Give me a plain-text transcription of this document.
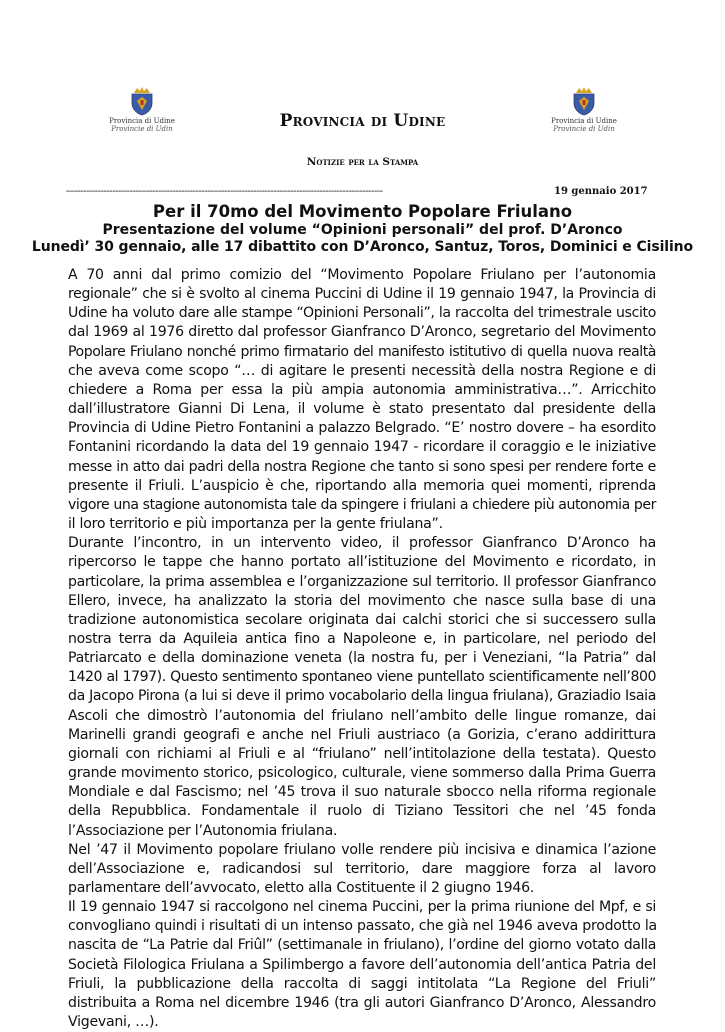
Provincia di Udine
Provincie di Udin
Provincia di Udine
Provincie di Udin
Provincia di Udine
Notizie per la Stampa
--------------------------------------------------------------------------------------------------------------	19 gennaio 2017
Per il 70mo del Movimento Popolare Friulano
Presentazione del volume “Opinioni personali” del prof. D’Aronco
Lunedì’ 30 gennaio, alle 17 dibattito con D’Aronco, Santuz, Toros, Dominici e Cisilino

A 70 anni dal primo comizio del “Movimento Popolare Friulano per l’autonomia
regionale” che si è svolto al cinema Puccini di Udine il 19 gennaio 1947, la Provincia di
Udine ha voluto dare alle stampe “Opinioni Personali”, la raccolta del trimestrale uscito
dal 1969 al 1976 diretto dal professor Gianfranco D’Aronco, segretario del Movimento
Popolare Friulano nonché primo firmatario del manifesto istitutivo di quella nuova realtà
che aveva come scopo “… di agitare le presenti necessità della nostra Regione e di
chiedere a Roma per essa la più ampia autonomia amministrativa…”. Arricchito
dall’illustratore Gianni Di Lena, il volume è stato presentato dal presidente della
Provincia di Udine Pietro Fontanini a palazzo Belgrado. “E’ nostro dovere – ha esordito
Fontanini ricordando la data del 19 gennaio 1947 - ricordare il coraggio e le iniziative
messe in atto dai padri della nostra Regione che tanto si sono spesi per rendere forte e
presente il Friuli. L’auspicio è che, riportando alla memoria quei momenti, riprenda
vigore una stagione autonomista tale da spingere i friulani a chiedere più autonomia per
il loro territorio e più importanza per la gente friulana”.

Durante l’incontro, in un intervento video, il professor Gianfranco D’Aronco ha
ripercorso le tappe che hanno portato all’istituzione del Movimento e ricordato, in
particolare, la prima assemblea e l’organizzazione sul territorio. Il professor Gianfranco
Ellero, invece, ha analizzato la storia del movimento che nasce sulla base di una
tradizione autonomistica secolare originata dai calchi storici che si successero sulla
nostra terra da Aquileia antica fino a Napoleone e, in particolare, nel periodo del
Patriarcato e della dominazione veneta (la nostra fu, per i Veneziani, “la Patria” dal
1420 al 1797). Questo sentimento spontaneo viene puntellato scientificamente nell’800
da Jacopo Pirona (a lui si deve il primo vocabolario della lingua friulana), Graziadio Isaia
Ascoli che dimostrò l’autonomia del friulano nell’ambito delle lingue romanze, dai
Marinelli grandi geografi e anche nel Friuli austriaco (a Gorizia, c’erano addirittura
giornali con richiami al Friuli e al “friulano” nell’intitolazione della testata). Questo
grande movimento storico, psicologico, culturale, viene sommerso dalla Prima Guerra
Mondiale e dal Fascismo; nel ’45 trova il suo naturale sbocco nella riforma regionale
della Repubblica. Fondamentale il ruolo di Tiziano Tessitori che nel ’45 fonda
l’Associazione per l’Autonomia friulana.

Nel ’47 il Movimento popolare friulano volle rendere più incisiva e dinamica l’azione
dell’Associazione e, radicandosi sul territorio, dare maggiore forza al lavoro
parlamentare dell’avvocato, eletto alla Costituente il 2 giugno 1946.

Il 19 gennaio 1947 si raccolgono nel cinema Puccini, per la prima riunione del Mpf, e si
convogliano quindi i risultati di un intenso passato, che già nel 1946 aveva prodotto la
nascita de “La Patrie dal Friûl” (settimanale in friulano), l’ordine del giorno votato dalla
Società Filologica Friulana a Spilimbergo a favore dell’autonomia dell’antica Patria del
Friuli, la pubblicazione della raccolta di saggi intitolata “La Regione del Friuli”
distribuita a Roma nel dicembre 1946 (tra gli autori Gianfranco D’Aronco, Alessandro
Vigevani, …).
